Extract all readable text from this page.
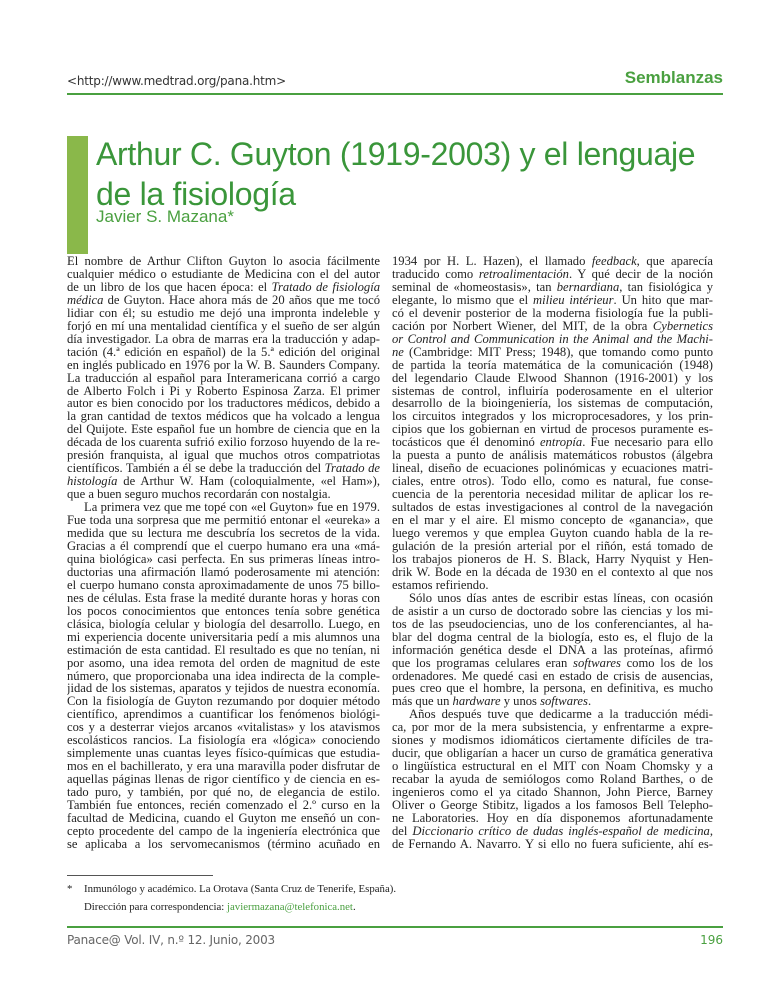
<http://www.medtrad.org/pana.htm>	Semblanzas
Arthur C. Guyton (1919-2003) y el lenguaje
de la fisiología
Javier S. Mazana*
El nombre de Arthur Clifton Guyton lo asocia fácilmente
cualquier médico o estudiante de Medicina con el del autor
de un libro de los que hacen época: el Tratado de fisiología
médica de Guyton. Hace ahora más de 20 años que me tocó
lidiar con él; su estudio me dejó una impronta indeleble y
forjó en mí una mentalidad científica y el sueño de ser algún
día investigador. La obra de marras era la traducción y adap-
tación (4.ª edición en español) de la 5.ª edición del original
en inglés publicado en 1976 por la W. B. Saunders Company.
La traducción al español para Interamericana corrió a cargo
de Alberto Folch i Pi y Roberto Espinosa Zarza. El primer
autor es bien conocido por los traductores médicos, debido a
la gran cantidad de textos médicos que ha volcado a lengua
del Quijote. Este español fue un hombre de ciencia que en la
década de los cuarenta sufrió exilio forzoso huyendo de la re-
presión franquista, al igual que muchos otros compatriotas
científicos. También a él se debe la traducción del Tratado de
histología de Arthur W. Ham (coloquialmente, «el Ham»),
que a buen seguro muchos recordarán con nostalgia.
La primera vez que me topé con «el Guyton» fue en 1979.
Fue toda una sorpresa que me permitió entonar el «eureka» a
medida que su lectura me descubría los secretos de la vida.
Gracias a él comprendí que el cuerpo humano era una «má-
quina biológica» casi perfecta. En sus primeras líneas intro-
ductorias una afirmación llamó poderosamente mi atención:
el cuerpo humano consta aproximadamente de unos 75 billo-
nes de células. Esta frase la medité durante horas y horas con
los pocos conocimientos que entonces tenía sobre genética
clásica, biología celular y biología del desarrollo. Luego, en
mi experiencia docente universitaria pedí a mis alumnos una
estimación de esta cantidad. El resultado es que no tenían, ni
por asomo, una idea remota del orden de magnitud de este
número, que proporcionaba una idea indirecta de la comple-
jidad de los sistemas, aparatos y tejidos de nuestra economía.
Con la fisiología de Guyton rezumando por doquier método
científico, aprendimos a cuantificar los fenómenos biológi-
cos y a desterrar viejos arcanos «vitalistas» y los atavismos
escolásticos rancios. La fisiología era «lógica» conociendo
simplemente unas cuantas leyes físico-químicas que estudia-
mos en el bachillerato, y era una maravilla poder disfrutar de
aquellas páginas llenas de rigor científico y de ciencia en es-
tado puro, y también, por qué no, de elegancia de estilo.
También fue entonces, recién comenzado el 2.º curso en la
facultad de Medicina, cuando el Guyton me enseñó un con-
cepto procedente del campo de la ingeniería electrónica que
se aplicaba a los servomecanismos (término acuñado en
1934 por H. L. Hazen), el llamado feedback, que aparecía
traducido como retroalimentación. Y qué decir de la noción
seminal de «homeostasis», tan bernardiana, tan fisiológica y
elegante, lo mismo que el milieu intérieur. Un hito que mar-
có el devenir posterior de la moderna fisiología fue la publi-
cación por Norbert Wiener, del MIT, de la obra Cybernetics
or Control and Communication in the Animal and the Machi-
ne (Cambridge: MIT Press; 1948), que tomando como punto
de partida la teoría matemática de la comunicación (1948)
del legendario Claude Elwood Shannon (1916-2001) y los
sistemas de control, influiría poderosamente en el ulterior
desarrollo de la bioingeniería, los sistemas de computación,
los circuitos integrados y los microprocesadores, y los prin-
cipios que los gobiernan en virtud de procesos puramente es-
tocásticos que él denominó entropía. Fue necesario para ello
la puesta a punto de análisis matemáticos robustos (álgebra
lineal, diseño de ecuaciones polinómicas y ecuaciones matri-
ciales, entre otros). Todo ello, como es natural, fue conse-
cuencia de la perentoria necesidad militar de aplicar los re-
sultados de estas investigaciones al control de la navegación
en el mar y el aire. El mismo concepto de «ganancia», que
luego veremos y que emplea Guyton cuando habla de la re-
gulación de la presión arterial por el riñón, está tomado de
los trabajos pioneros de H. S. Black, Harry Nyquist y Hen-
drik W. Bode en la década de 1930 en el contexto al que nos
estamos refiriendo.
Sólo unos días antes de escribir estas líneas, con ocasión
de asistir a un curso de doctorado sobre las ciencias y los mi-
tos de las pseudociencias, uno de los conferenciantes, al ha-
blar del dogma central de la biología, esto es, el flujo de la
información genética desde el DNA a las proteínas, afirmó
que los programas celulares eran softwares como los de los
ordenadores. Me quedé casi en estado de crisis de ausencias,
pues creo que el hombre, la persona, en definitiva, es mucho
más que un hardware y unos softwares.
Años después tuve que dedicarme a la traducción médi-
ca, por mor de la mera subsistencia, y enfrentarme a expre-
siones y modismos idiomáticos ciertamente difíciles de tra-
ducir, que obligarían a hacer un curso de gramática generativa
o lingüística estructural en el MIT con Noam Chomsky y a
recabar la ayuda de semiólogos como Roland Barthes, o de
ingenieros como el ya citado Shannon, John Pierce, Barney
Oliver o George Stibitz, ligados a los famosos Bell Telepho-
ne Laboratories. Hoy en día disponemos afortunadamente
del Diccionario crítico de dudas inglés-español de medicina,
de Fernando A. Navarro. Y si ello no fuera suficiente, ahí es-
* Inmunólogo y académico. La Orotava (Santa Cruz de Tenerife, España).
Dirección para correspondencia: javiermazana@telefonica.net.
Panace@ Vol. IV, n.º 12. Junio, 2003	196
